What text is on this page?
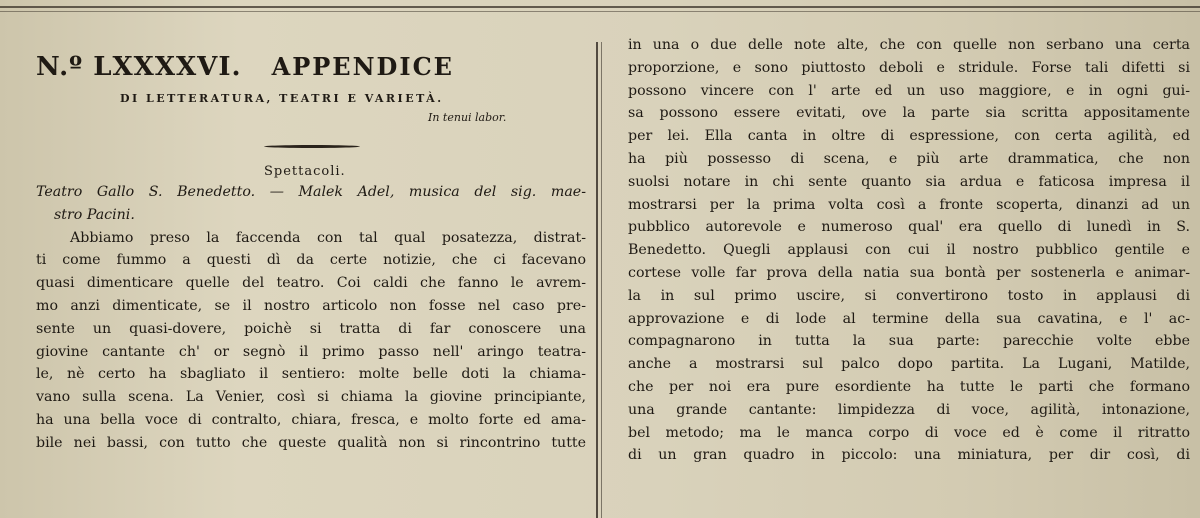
N.º LXXXXVI. APPENDICE
DI LETTERATURA, TEATRI E VARIETÀ.
In tenui labor.
Spettacoli.
Teatro Gallo S. Benedetto. — Malek Adel, musica del sig. mae-
stro Pacini.
Abbiamo preso la faccenda con tal qual posatezza, distrat-
ti come fummo a questi dì da certe notizie, che ci facevano
quasi dimenticare quelle del teatro. Coi caldi che fanno le avrem-
mo anzi dimenticate, se il nostro articolo non fosse nel caso pre-
sente un quasi-dovere, poichè si tratta di far conoscere una
giovine cantante ch' or segnò il primo passo nell' aringo teatra-
le, nè certo ha sbagliato il sentiero: molte belle doti la chiama-
vano sulla scena. La Venier, così si chiama la giovine principiante,
ha una bella voce di contralto, chiara, fresca, e molto forte ed ama-
bile nei bassi, con tutto che queste qualità non si rincontrino tutte
in una o due delle note alte, che con quelle non serbano una certa
proporzione, e sono piuttosto deboli e stridule. Forse tali difetti si
possono vincere con l' arte ed un uso maggiore, e in ogni gui-
sa possono essere evitati, ove la parte sia scritta appositamente
per lei. Ella canta in oltre di espressione, con certa agilità, ed
ha più possesso di scena, e più arte drammatica, che non
suolsi notare in chi sente quanto sia ardua e faticosa impresa il
mostrarsi per la prima volta così a fronte scoperta, dinanzi ad un
pubblico autorevole e numeroso qual' era quello di lunedì in S.
Benedetto. Quegli applausi con cui il nostro pubblico gentile e
cortese volle far prova della natia sua bontà per sostenerla e animar-
la in sul primo uscire, si convertirono tosto in applausi di
approvazione e di lode al termine della sua cavatina, e l' ac-
compagnarono in tutta la sua parte: parecchie volte ebbe
anche a mostrarsi sul palco dopo partita. La Lugani, Matilde,
che per noi era pure esordiente ha tutte le parti che formano
una grande cantante: limpidezza di voce, agilità, intonazione,
bel metodo; ma le manca corpo di voce ed è come il ritratto
di un gran quadro in piccolo: una miniatura, per dir così, di
